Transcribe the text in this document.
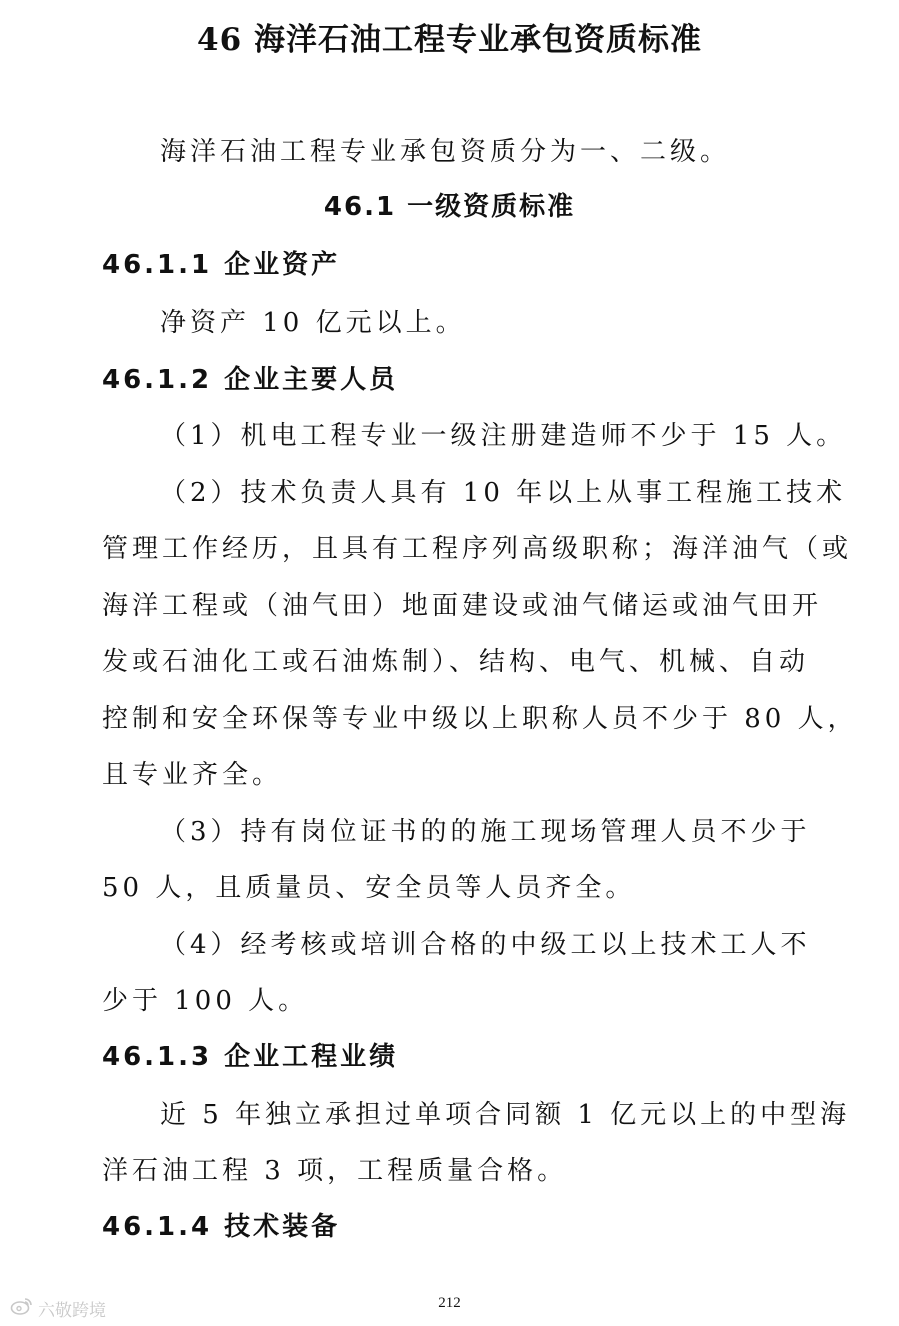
46 海洋石油工程专业承包资质标准
海洋石油工程专业承包资质分为一、二级。
46.1 一级资质标准
46.1.1 企业资产
净资产 10 亿元以上。
46.1.2 企业主要人员
（1）机电工程专业一级注册建造师不少于 15 人。
（2）技术负责人具有 10 年以上从事工程施工技术
管理工作经历，且具有工程序列高级职称；海洋油气（或
海洋工程或（油气田）地面建设或油气储运或油气田开
发或石油化工或石油炼制）、结构、电气、机械、自动
控制和安全环保等专业中级以上职称人员不少于 80 人，
且专业齐全。
（3）持有岗位证书的的施工现场管理人员不少于
50 人，且质量员、安全员等人员齐全。
（4）经考核或培训合格的中级工以上技术工人不
少于 100 人。
46.1.3 企业工程业绩
近 5 年独立承担过单项合同额 1 亿元以上的中型海
洋石油工程 3 项，工程质量合格。
46.1.4 技术装备
212
六敬跨境
